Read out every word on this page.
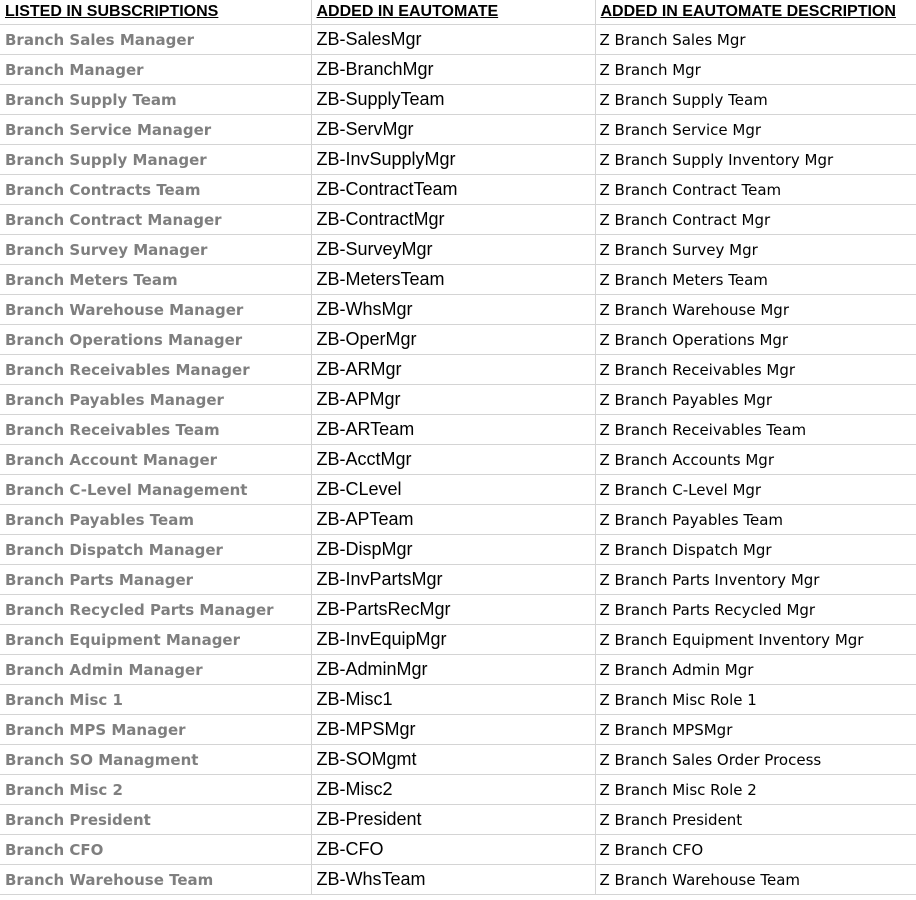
LISTED IN SUBSCRIPTIONS	ADDED IN EAUTOMATE	ADDED IN EAUTOMATE DESCRIPTION
Branch Sales Manager	ZB-SalesMgr	Z Branch Sales Mgr
Branch Manager	ZB-BranchMgr	Z Branch Mgr
Branch Supply Team	ZB-SupplyTeam	Z Branch Supply Team
Branch Service Manager	ZB-ServMgr	Z Branch Service Mgr
Branch Supply Manager	ZB-InvSupplyMgr	Z Branch Supply Inventory Mgr
Branch Contracts Team	ZB-ContractTeam	Z Branch Contract Team
Branch Contract Manager	ZB-ContractMgr	Z Branch Contract Mgr
Branch Survey Manager	ZB-SurveyMgr	Z Branch Survey Mgr
Branch Meters Team	ZB-MetersTeam	Z Branch Meters Team
Branch Warehouse Manager	ZB-WhsMgr	Z Branch Warehouse Mgr
Branch Operations Manager	ZB-OperMgr	Z Branch Operations Mgr
Branch Receivables Manager	ZB-ARMgr	Z Branch Receivables Mgr
Branch Payables Manager	ZB-APMgr	Z Branch Payables Mgr
Branch Receivables Team	ZB-ARTeam	Z Branch Receivables Team
Branch Account Manager	ZB-AcctMgr	Z Branch Accounts Mgr
Branch C-Level Management	ZB-CLevel	Z Branch C-Level Mgr
Branch Payables Team	ZB-APTeam	Z Branch Payables Team
Branch Dispatch Manager	ZB-DispMgr	Z Branch Dispatch Mgr
Branch Parts Manager	ZB-InvPartsMgr	Z Branch Parts Inventory Mgr
Branch Recycled Parts Manager	ZB-PartsRecMgr	Z Branch Parts Recycled Mgr
Branch Equipment Manager	ZB-InvEquipMgr	Z Branch Equipment Inventory Mgr
Branch Admin Manager	ZB-AdminMgr	Z Branch Admin Mgr
Branch Misc 1	ZB-Misc1	Z Branch Misc Role 1
Branch MPS Manager	ZB-MPSMgr	Z Branch MPSMgr
Branch SO Managment	ZB-SOMgmt	Z Branch Sales Order Process
Branch Misc 2	ZB-Misc2	Z Branch Misc Role 2
Branch President	ZB-President	Z Branch President
Branch CFO	ZB-CFO	Z Branch CFO
Branch Warehouse Team	ZB-WhsTeam	Z Branch Warehouse Team
